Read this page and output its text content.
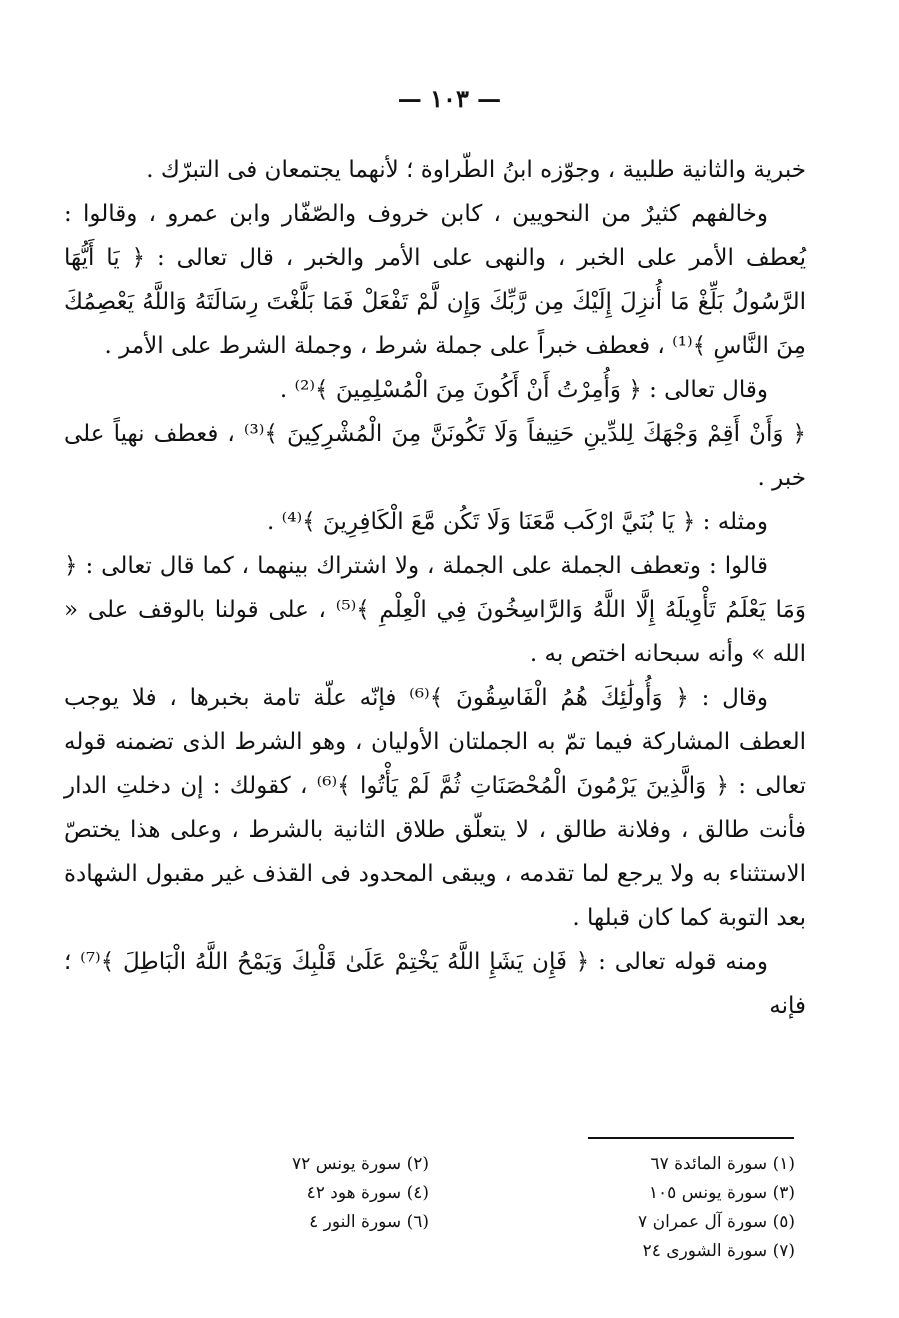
— ١٠٣ —

خبرية والثانية طلبية ، وجوّزه ابنُ الطّراوة ؛ لأنهما يجتمعان فى التبرّك .

وخالفهم كثيرٌ من النحويين ، كابن خروف والصّفّار وابن عمرو ، وقالوا : يُعطف الأمر على الخبر ، والنهى على الأمر والخبر ، قال تعالى : ﴿ يَا أَيُّهَا الرَّسُولُ بَلِّغْ مَا أُنزِلَ إِلَيْكَ مِن رَّبِّكَ وَإِن لَّمْ تَفْعَلْ فَمَا بَلَّغْتَ رِسَالَتَهُ وَاللَّهُ يَعْصِمُكَ مِنَ النَّاسِ ﴾⁽¹⁾ ، فعطف خبراً على جملة شرط ، وجملة الشرط على الأمر .

وقال تعالى : ﴿ وَأُمِرْتُ أَنْ أَكُونَ مِنَ الْمُسْلِمِينَ ﴾⁽²⁾ .

﴿ وَأَنْ أَقِمْ وَجْهَكَ لِلدِّينِ حَنِيفاً وَلَا تَكُونَنَّ مِنَ الْمُشْرِكِينَ ﴾⁽³⁾ ، فعطف نهياً على خبر .

ومثله : ﴿ يَا بُنَيَّ ارْكَب مَّعَنَا وَلَا تَكُن مَّعَ الْكَافِرِينَ ﴾⁽⁴⁾ .

قالوا : وتعطف الجملة على الجملة ، ولا اشتراك بينهما ، كما قال تعالى : ﴿ وَمَا يَعْلَمُ تَأْوِيلَهُ إِلَّا اللَّهُ وَالرَّاسِخُونَ فِي الْعِلْمِ ﴾⁽⁵⁾ ، على قولنا بالوقف على « الله » وأنه سبحانه اختص به .

وقال : ﴿ وَأُولَٰئِكَ هُمُ الْفَاسِقُونَ ﴾⁽⁶⁾ فإنّه علّة تامة بخبرها ، فلا يوجب العطف المشاركة فيما تمّ به الجملتان الأوليان ، وهو الشرط الذى تضمنه قوله تعالى : ﴿ وَالَّذِينَ يَرْمُونَ الْمُحْصَنَاتِ ثُمَّ لَمْ يَأْتُوا ﴾⁽⁶⁾ ، كقولك : إن دخلتِ الدار فأنت طالق ، وفلانة طالق ، لا يتعلّق طلاق الثانية بالشرط ، وعلى هذا يختصّ الاستثناء به ولا يرجع لما تقدمه ، ويبقى المحدود فى القذف غير مقبول الشهادة بعد التوبة كما كان قبلها .

ومنه قوله تعالى : ﴿ فَإِن يَشَإِ اللَّهُ يَخْتِمْ عَلَىٰ قَلْبِكَ وَيَمْحُ اللَّهُ الْبَاطِلَ ﴾⁽⁷⁾ ؛ فإنه

(١) سورة المائدة ٦٧
(٣) سورة يونس ١٠٥
(٥) سورة آل عمران ٧
(٧) سورة الشورى ٢٤
(٢) سورة يونس ٧٢
(٤) سورة هود ٤٢
(٦) سورة النور ٤
